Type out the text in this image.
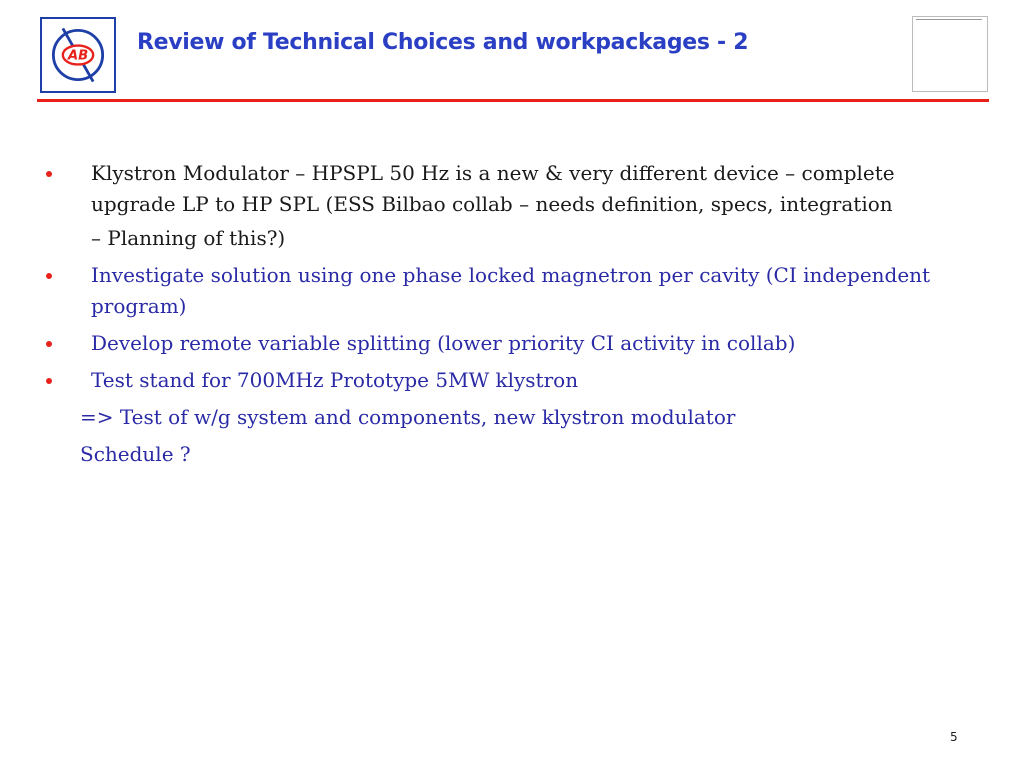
AB
Review of Technical Choices and workpackages - 2
Klystron Modulator – HPSPL 50 Hz is a new & very different device – complete upgrade LP to HP SPL (ESS Bilbao collab – needs definition, specs, integration
– Planning of this?)
Investigate solution using one phase locked magnetron per cavity (CI independent program)
Develop remote variable splitting (lower priority CI activity in collab)
Test stand for 700MHz Prototype 5MW klystron
=> Test of w/g system and components, new klystron modulator
Schedule ?
5
